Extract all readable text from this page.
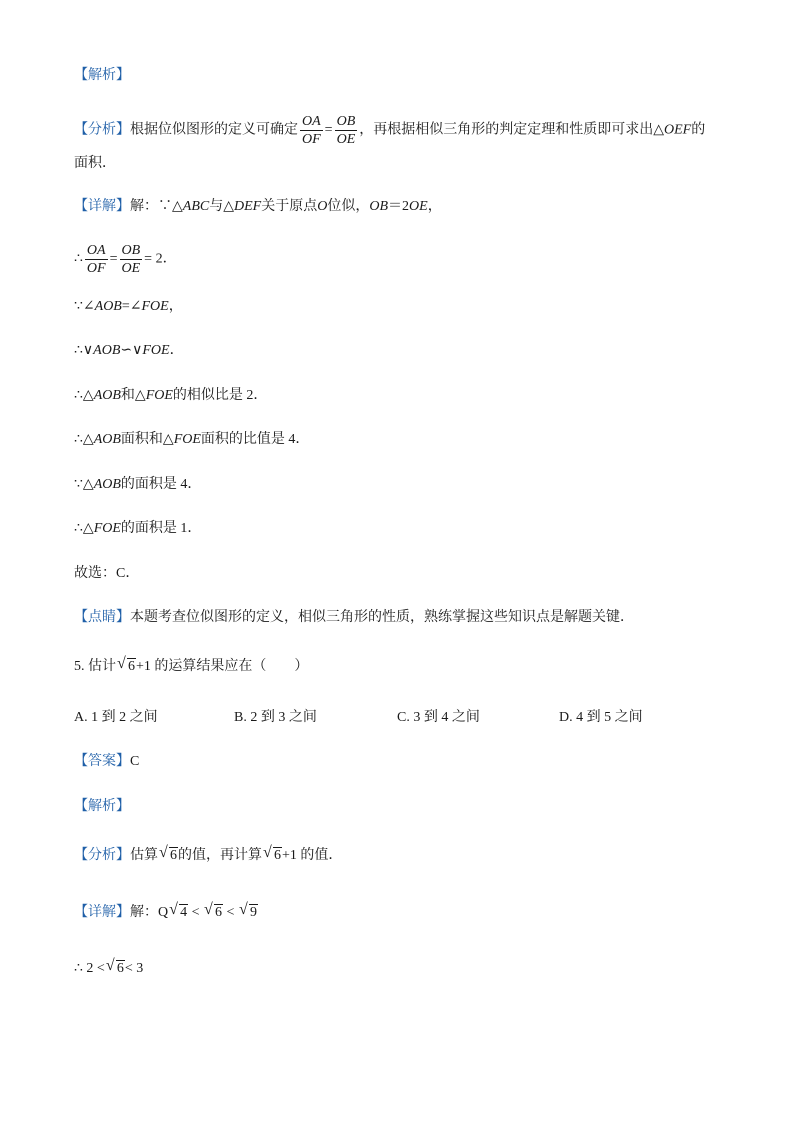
【解析】
【分析】根据位似图形的定义可确定 $\frac{OA}{OF} = \frac{OB}{OE}$ ，再根据相似三角形的判定定理和性质即可求出△OEF的
面积．
【详解】解：∵△ABC与△DEF关于原点O位似，OB＝2OE，
∴ $\frac{OA}{OF} = \frac{OB}{OE} = 2$．
∵∠AOB=∠FOE，
∴∨AOB∽∨FOE．
∴△AOB和△FOE的相似比是 2．
∴△AOB面积和△FOE面积的比值是 4．
∵△AOB的面积是 4．
∴△FOE的面积是 1．
故选：C．
【点睛】本题考查位似图形的定义，相似三角形的性质，熟练掌握这些知识点是解题关键．
5. 估计 √ 6+1 的运算结果应在（　　）
A. 1 到 2 之间	B. 2 到 3 之间	C. 3 到 4 之间	D. 4 到 5 之间
【答案】C
【解析】
【分析】估算 √ 6的值，再计算 √ 6+1 的值．
【详解】解：Q √ 4 < √ 6 < √ 9
∴ 2 < √ 6< 3
